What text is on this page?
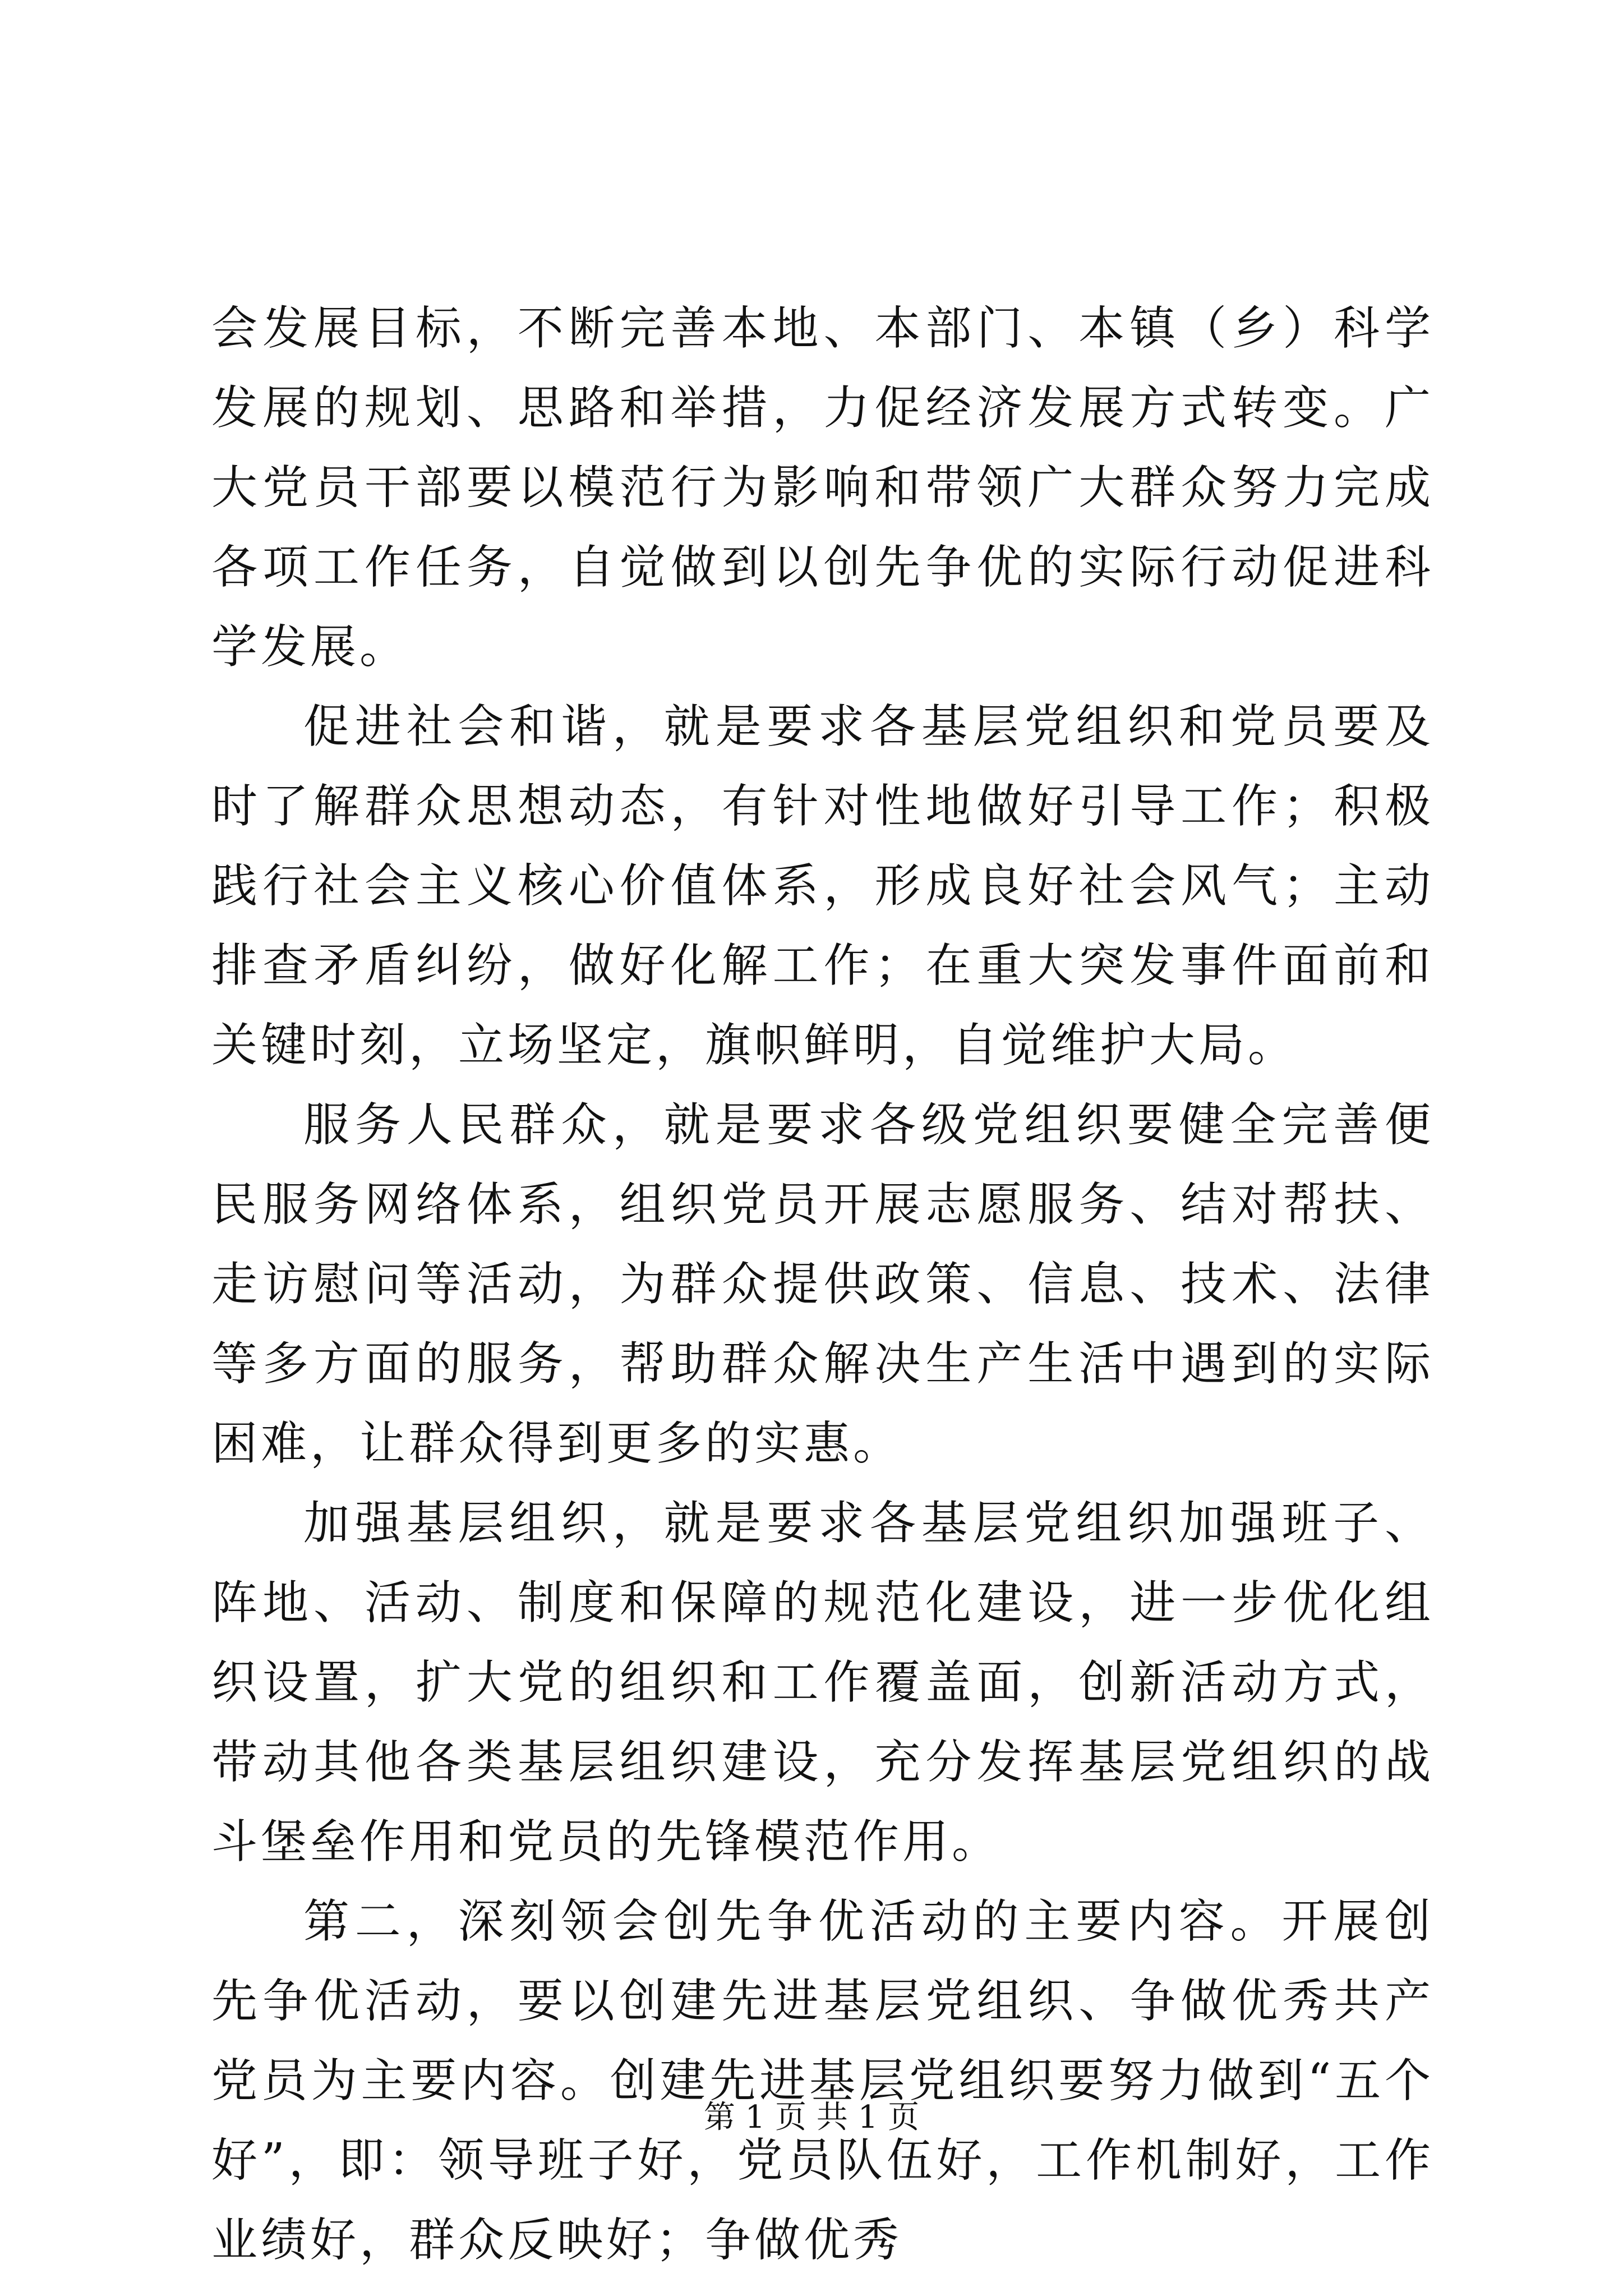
会发展目标，不断完善本地、本部门、本镇（乡）科学发展的规划、思路和举措，力促经济发展方式转变。广大党员干部要以模范行为影响和带领广大群众努力完成各项工作任务，自觉做到以创先争优的实际行动促进科学发展。

促进社会和谐，就是要求各基层党组织和党员要及时了解群众思想动态，有针对性地做好引导工作；积极践行社会主义核心价值体系，形成良好社会风气；主动排查矛盾纠纷，做好化解工作；在重大突发事件面前和关键时刻，立场坚定，旗帜鲜明，自觉维护大局。

服务人民群众，就是要求各级党组织要健全完善便民服务网络体系，组织党员开展志愿服务、结对帮扶、走访慰问等活动，为群众提供政策、信息、技术、法律等多方面的服务，帮助群众解决生产生活中遇到的实际困难，让群众得到更多的实惠。

加强基层组织，就是要求各基层党组织加强班子、阵地、活动、制度和保障的规范化建设，进一步优化组织设置，扩大党的组织和工作覆盖面，创新活动方式，带动其他各类基层组织建设，充分发挥基层党组织的战斗堡垒作用和党员的先锋模范作用。

第二，深刻领会创先争优活动的主要内容。开展创先争优活动，要以创建先进基层党组织、争做优秀共产党员为主要内容。创建先进基层党组织要努力做到“五个好”，即：领导班子好，党员队伍好，工作机制好，工作业绩好，群众反映好；争做优秀

第 1 页 共 1 页
